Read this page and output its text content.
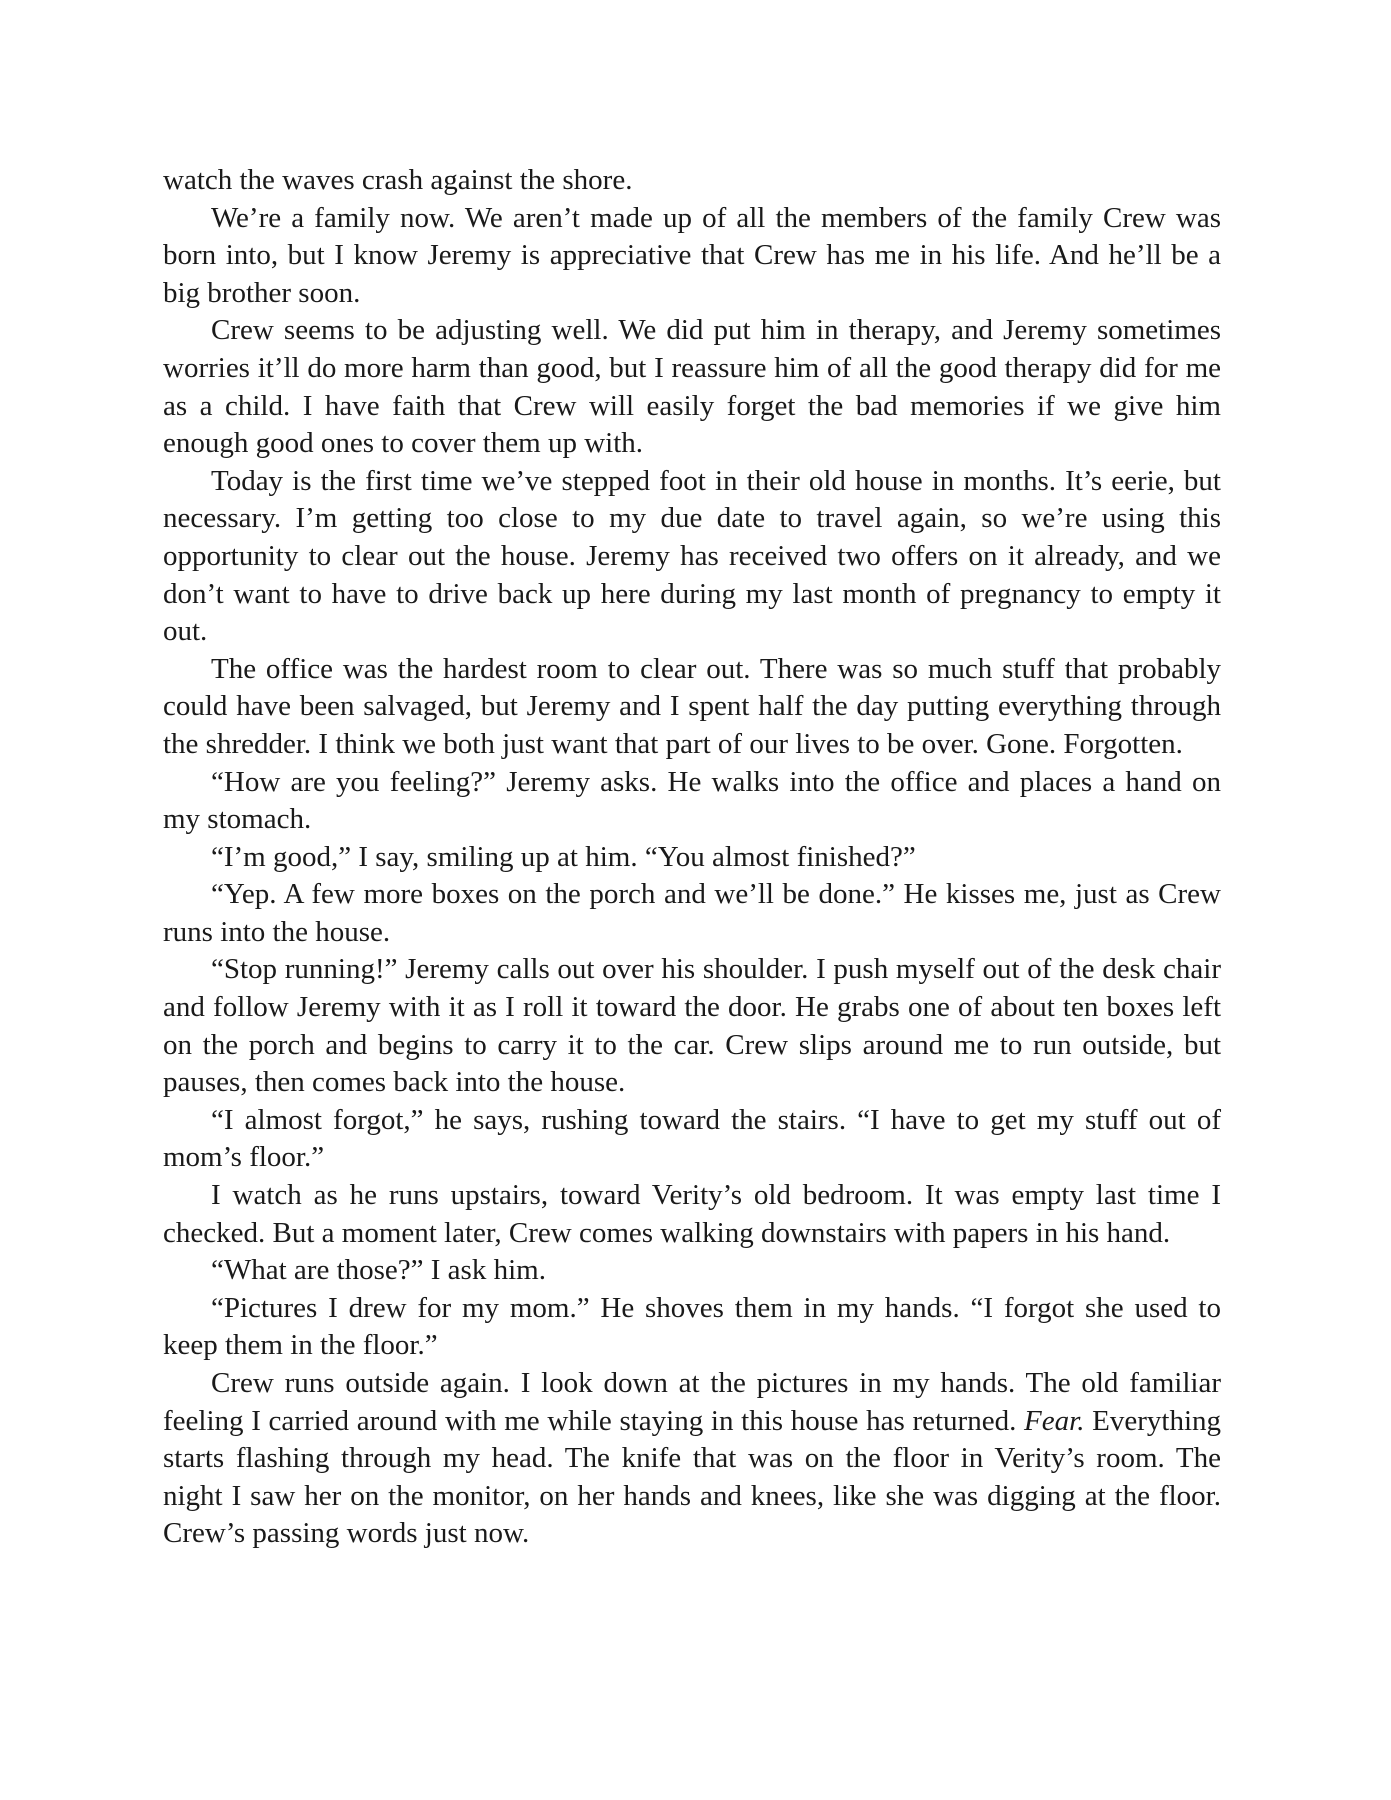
watch the waves crash against the shore.

We’re a family now. We aren’t made up of all the members of the family Crew was born into, but I know Jeremy is appreciative that Crew has me in his life. And he’ll be a big brother soon.

Crew seems to be adjusting well. We did put him in therapy, and Jeremy sometimes worries it’ll do more harm than good, but I reassure him of all the good therapy did for me as a child. I have faith that Crew will easily forget the bad memories if we give him enough good ones to cover them up with.

Today is the first time we’ve stepped foot in their old house in months. It’s eerie, but necessary. I’m getting too close to my due date to travel again, so we’re using this opportunity to clear out the house. Jeremy has received two offers on it already, and we don’t want to have to drive back up here during my last month of pregnancy to empty it out.

The office was the hardest room to clear out. There was so much stuff that probably could have been salvaged, but Jeremy and I spent half the day putting everything through the shredder. I think we both just want that part of our lives to be over. Gone. Forgotten.

“How are you feeling?” Jeremy asks. He walks into the office and places a hand on my stomach.

“I’m good,” I say, smiling up at him. “You almost finished?”

“Yep. A few more boxes on the porch and we’ll be done.” He kisses me, just as Crew runs into the house.

“Stop running!” Jeremy calls out over his shoulder. I push myself out of the desk chair and follow Jeremy with it as I roll it toward the door. He grabs one of about ten boxes left on the porch and begins to carry it to the car. Crew slips around me to run outside, but pauses, then comes back into the house.

“I almost forgot,” he says, rushing toward the stairs. “I have to get my stuff out of mom’s floor.”

I watch as he runs upstairs, toward Verity’s old bedroom. It was empty last time I checked. But a moment later, Crew comes walking downstairs with papers in his hand.

“What are those?” I ask him.

“Pictures I drew for my mom.” He shoves them in my hands. “I forgot she used to keep them in the floor.”

Crew runs outside again. I look down at the pictures in my hands. The old familiar feeling I carried around with me while staying in this house has returned. Fear. Everything starts flashing through my head. The knife that was on the floor in Verity’s room. The night I saw her on the monitor, on her hands and knees, like she was digging at the floor. Crew’s passing words just now.
